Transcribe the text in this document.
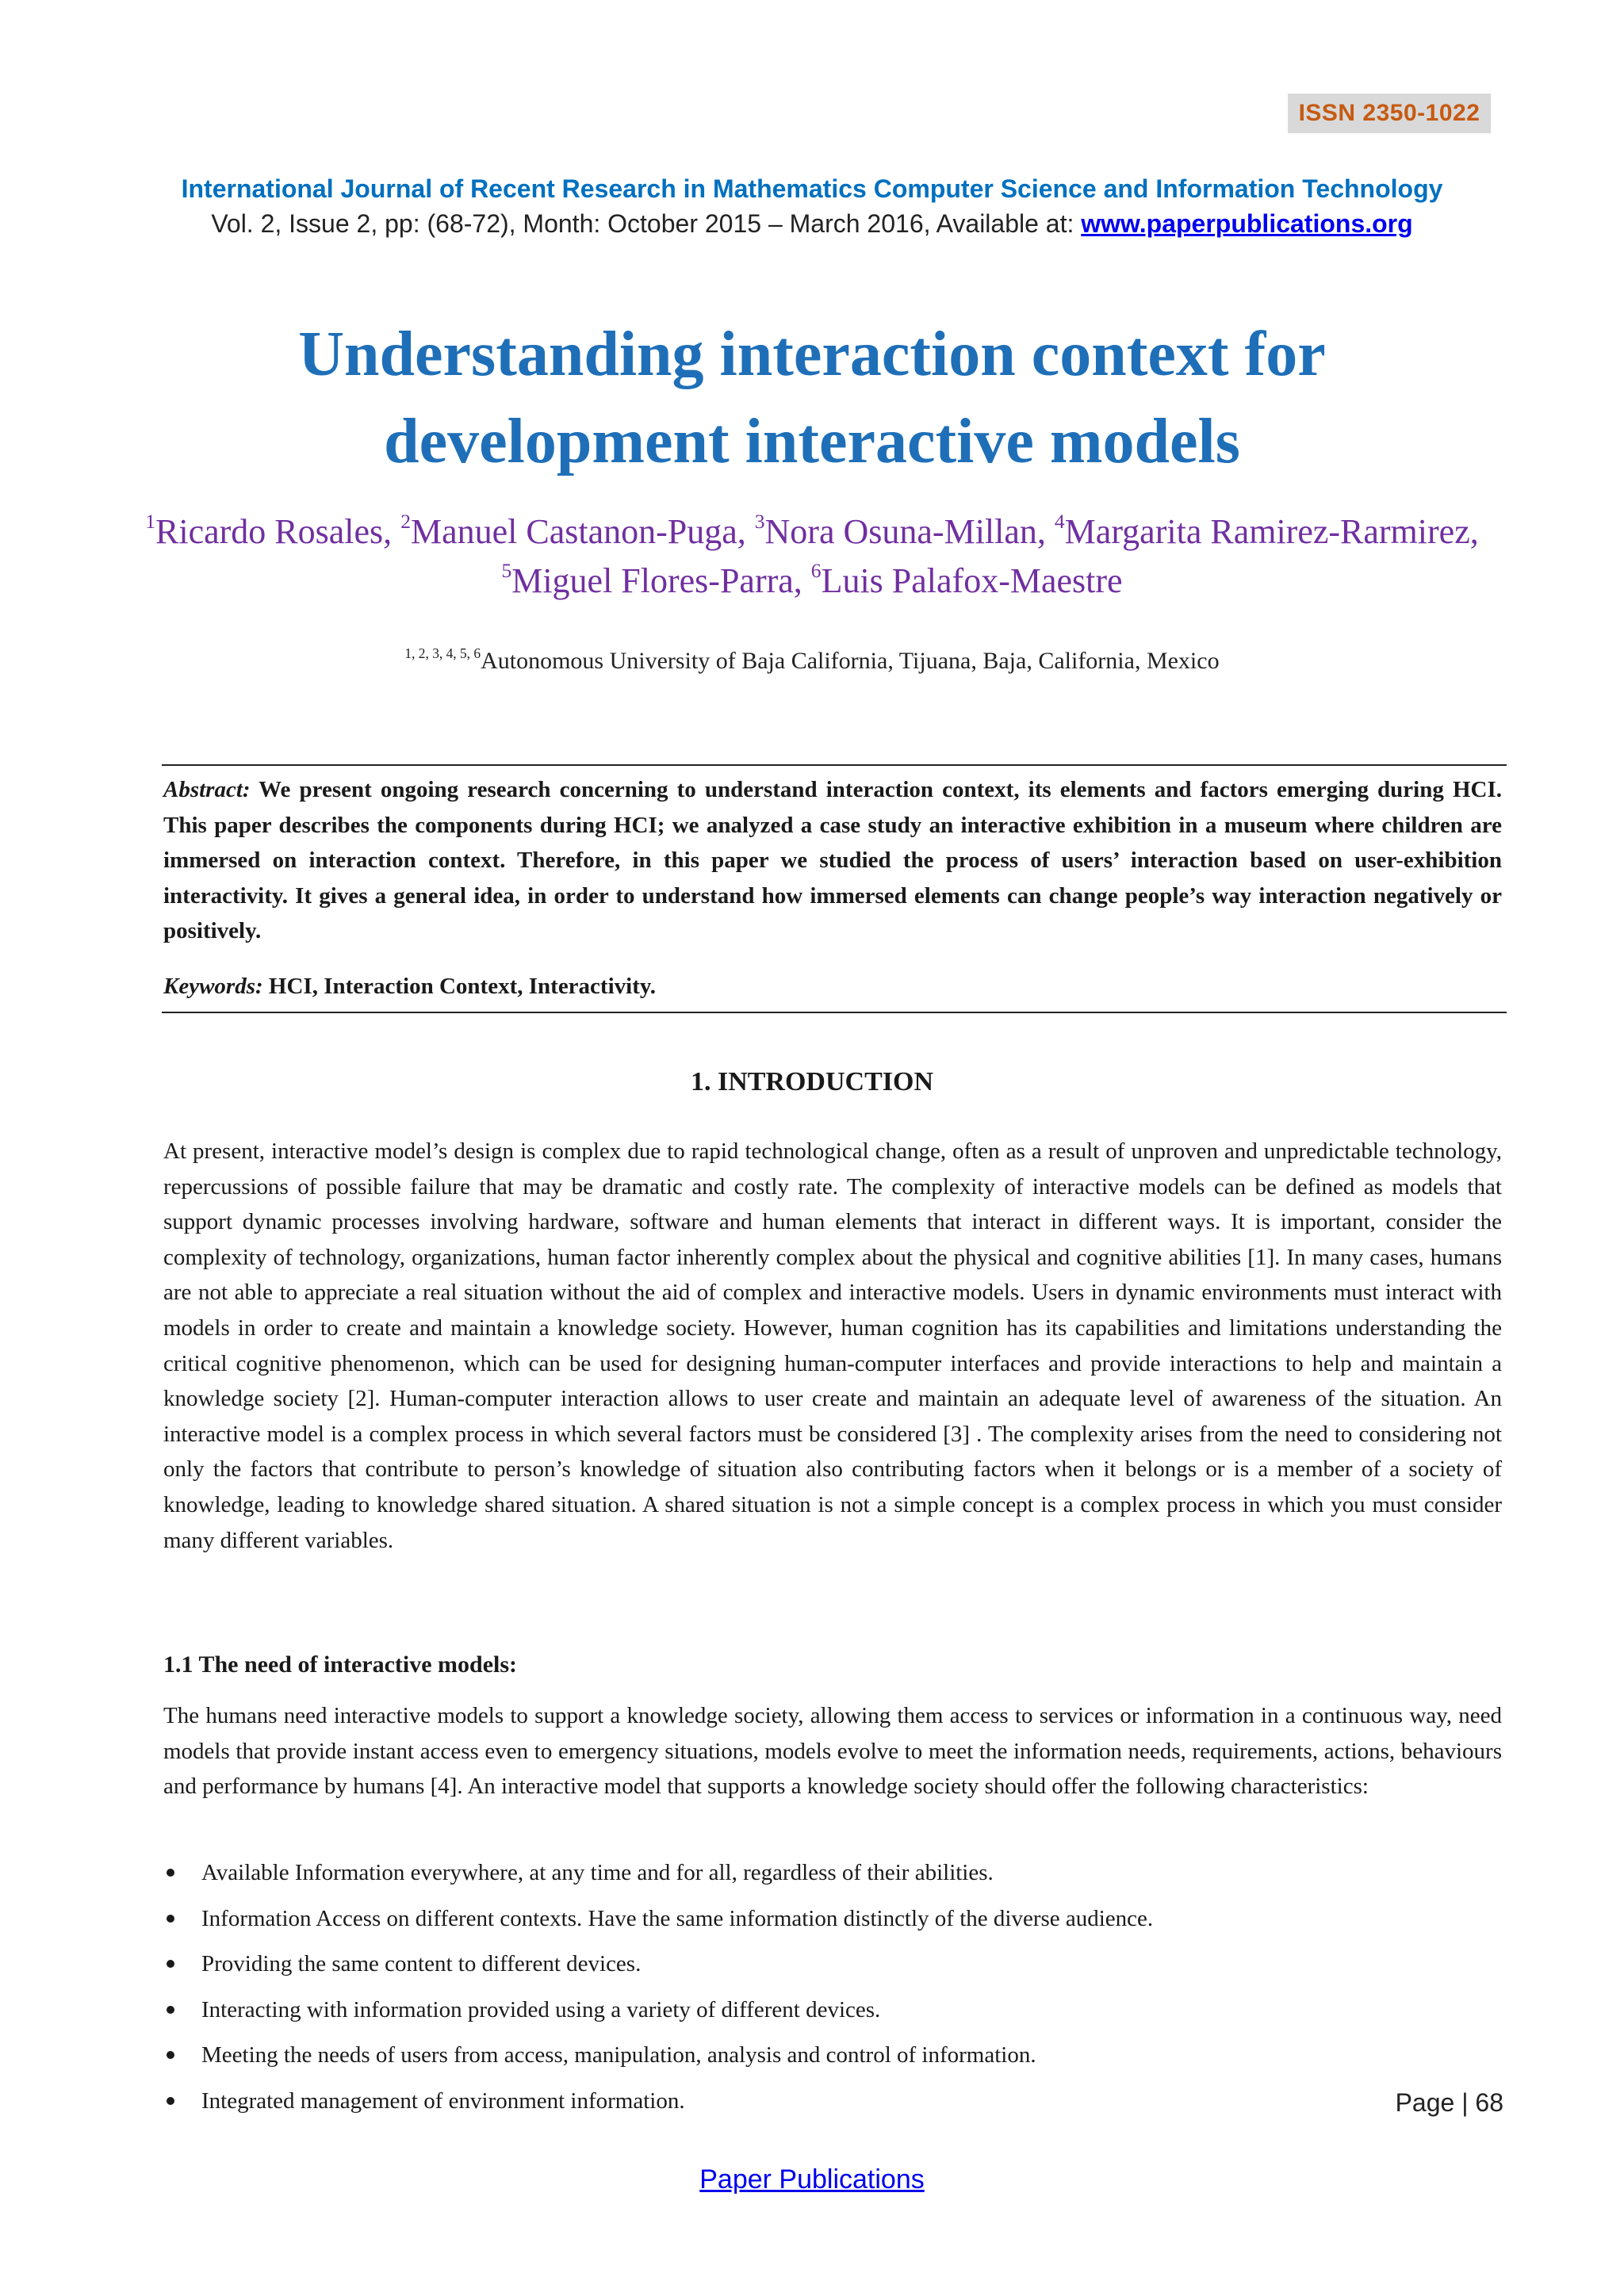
ISSN 2350-1022
International Journal of Recent Research in Mathematics Computer Science and Information Technology
Vol. 2, Issue 2, pp: (68-72), Month: October 2015 – March 2016, Available at: www.paperpublications.org
Understanding interaction context for
development interactive models
$^1$Ricardo Rosales, $^2$Manuel Castanon-Puga, $^3$Nora Osuna-Millan, $^4$Margarita Ramirez-Rarmirez, $^5$Miguel Flores-Parra, $^6$Luis Palafox-Maestre
$^{1, 2, 3, 4, 5, 6}$Autonomous University of Baja California, Tijuana, Baja, California, Mexico
Abstract: We present ongoing research concerning to understand interaction context, its elements and factors emerging during HCI. This paper describes the components during HCI; we analyzed a case study an interactive exhibition in a museum where children are immersed on interaction context. Therefore, in this paper we studied the process of users’ interaction based on user-exhibition interactivity. It gives a general idea, in order to understand how immersed elements can change people’s way interaction negatively or positively.
Keywords: HCI, Interaction Context, Interactivity.
1. INTRODUCTION
At present, interactive model’s design is complex due to rapid technological change, often as a result of unproven and unpredictable technology, repercussions of possible failure that may be dramatic and costly rate. The complexity of interactive models can be defined as models that support dynamic processes involving hardware, software and human elements that interact in different ways. It is important, consider the complexity of technology, organizations, human factor inherently complex about the physical and cognitive abilities [1]. In many cases, humans are not able to appreciate a real situation without the aid of complex and interactive models. Users in dynamic environments must interact with models in order to create and maintain a knowledge society. However, human cognition has its capabilities and limitations understanding the critical cognitive phenomenon, which can be used for designing human-computer interfaces and provide interactions to help and maintain a knowledge society [2]. Human-computer interaction allows to user create and maintain an adequate level of awareness of the situation. An interactive model is a complex process in which several factors must be considered [3] . The complexity arises from the need to considering not only the factors that contribute to person’s knowledge of situation also contributing factors when it belongs or is a member of a society of knowledge, leading to knowledge shared situation. A shared situation is not a simple concept is a complex process in which you must consider many different variables.
1.1 The need of interactive models:
The humans need interactive models to support a knowledge society, allowing them access to services or information in a continuous way, need models that provide instant access even to emergency situations, models evolve to meet the information needs, requirements, actions, behaviours and performance by humans [4]. An interactive model that supports a knowledge society should offer the following characteristics:
Available Information everywhere, at any time and for all, regardless of their abilities.
Information Access on different contexts. Have the same information distinctly of the diverse audience.
Providing the same content to different devices.
Interacting with information provided using a variety of different devices.
Meeting the needs of users from access, manipulation, analysis and control of information.
Integrated management of environment information.	Page | 68
Paper Publications
